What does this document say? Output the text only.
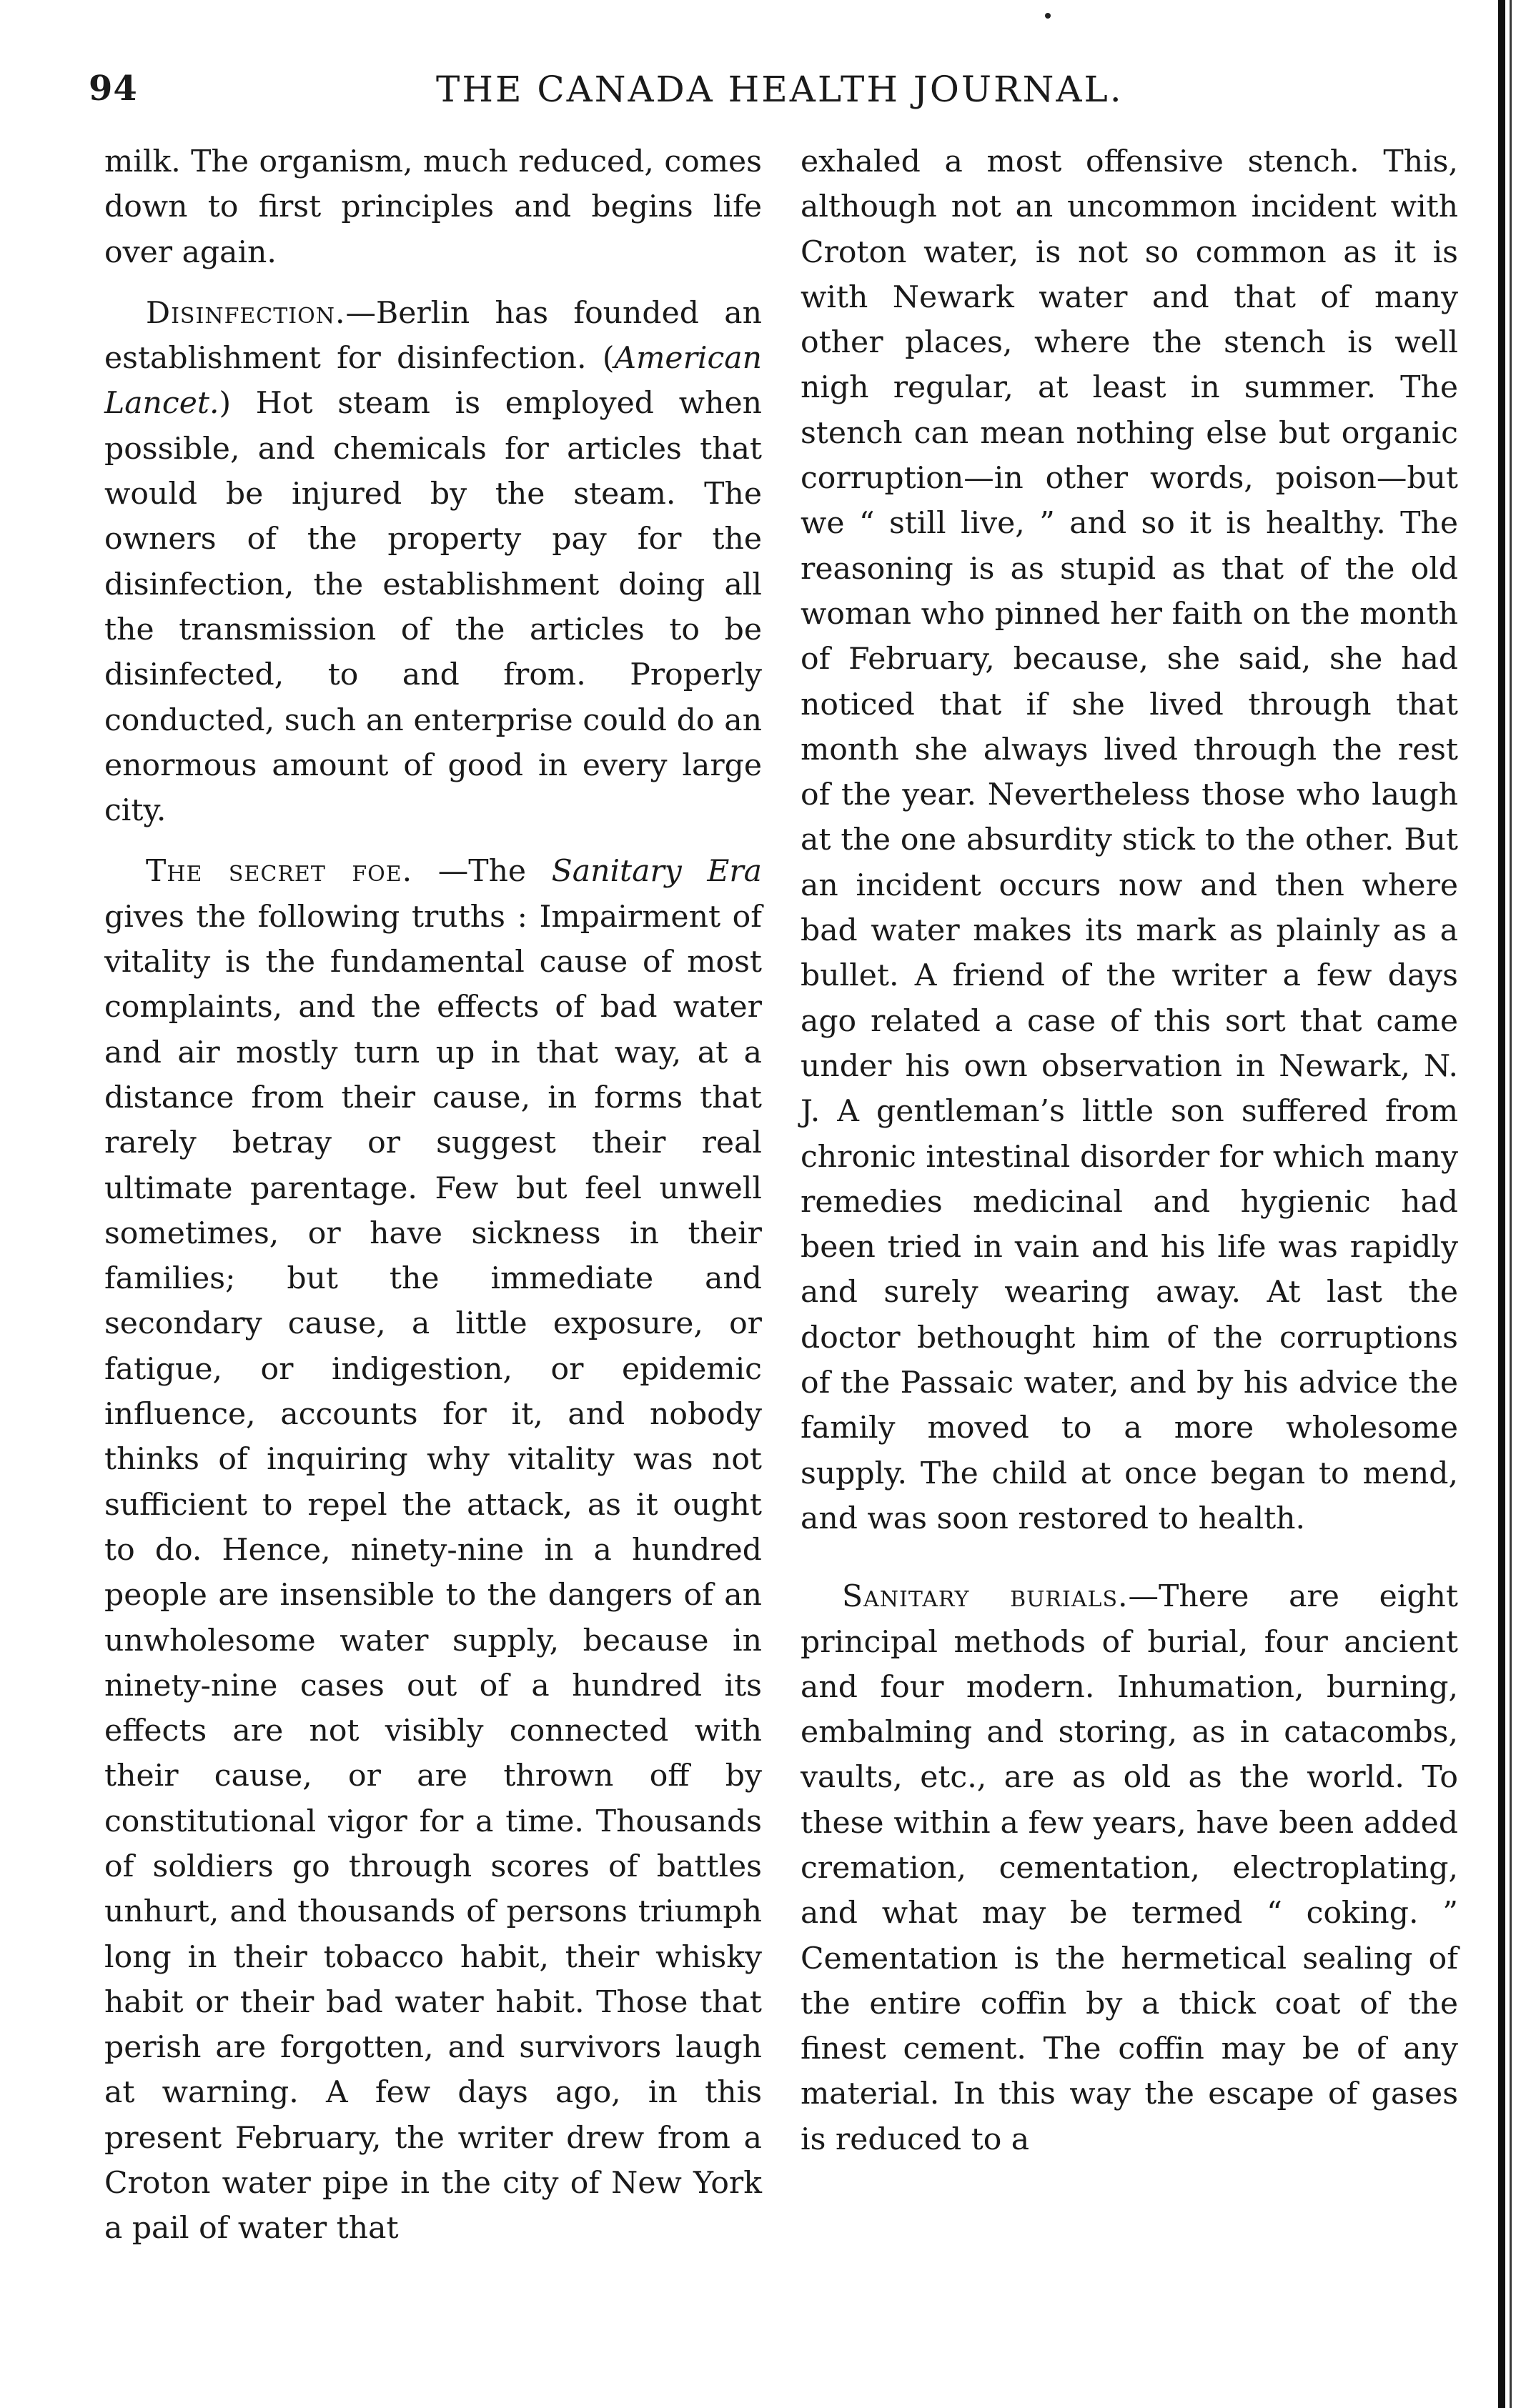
94	THE CANADA HEALTH JOURNAL.

milk. The organism, much reduced, comes down to first principles and begins life over again.

Disinfection.—Berlin has founded an establishment for disinfection. (American Lancet.) Hot steam is employed when possible, and chemicals for articles that would be injured by the steam. The owners of the property pay for the disinfection, the establishment doing all the transmission of the articles to be disinfected, to and from. Properly conducted, such an enterprise could do an enormous amount of good in every large city.

The secret foe. —The Sanitary Era gives the following truths : Impairment of vitality is the fundamental cause of most complaints, and the effects of bad water and air mostly turn up in that way, at a distance from their cause, in forms that rarely betray or suggest their real ultimate parentage. Few but feel unwell sometimes, or have sickness in their families; but the immediate and secondary cause, a little exposure, or fatigue, or indigestion, or epidemic influence, accounts for it, and nobody thinks of inquiring why vitality was not sufficient to repel the attack, as it ought to do. Hence, ninety-nine in a hundred people are insensible to the dangers of an unwholesome water supply, because in ninety-nine cases out of a hundred its effects are not visibly connected with their cause, or are thrown off by constitutional vigor for a time. Thousands of soldiers go through scores of battles unhurt, and thousands of persons triumph long in their tobacco habit, their whisky habit or their bad water habit. Those that perish are forgotten, and survivors laugh at warning. A few days ago, in this present February, the writer drew from a Croton water pipe in the city of New York a pail of water that

exhaled a most offensive stench. This, although not an uncommon incident with Croton water, is not so common as it is with Newark water and that of many other places, where the stench is well nigh regular, at least in summer. The stench can mean nothing else but organic corruption—in other words, poison—but we “ still live, ” and so it is healthy. The reasoning is as stupid as that of the old woman who pinned her faith on the month of February, because, she said, she had noticed that if she lived through that month she always lived through the rest of the year. Nevertheless those who laugh at the one absurdity stick to the other. But an incident occurs now and then where bad water makes its mark as plainly as a bullet. A friend of the writer a few days ago related a case of this sort that came under his own observation in Newark, N. J. A gentleman’s little son suffered from chronic intestinal disorder for which many remedies medicinal and hygienic had been tried in vain and his life was rapidly and surely wearing away. At last the doctor bethought him of the corruptions of the Passaic water, and by his advice the family moved to a more wholesome supply. The child at once began to mend, and was soon restored to health.

Sanitary burials.—There are eight principal methods of burial, four ancient and four modern. Inhumation, burning, embalming and storing, as in catacombs, vaults, etc., are as old as the world. To these within a few years, have been added cremation, cementation, electroplating, and what may be termed “ coking. ” Cementation is the hermetical sealing of the entire coffin by a thick coat of the finest cement. The coffin may be of any material. In this way the escape of gases is reduced to a
